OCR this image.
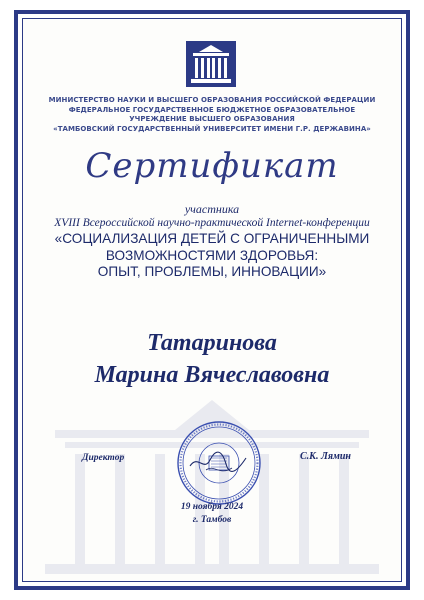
МИНИСТЕРСТВО НАУКИ И ВЫСШЕГО ОБРАЗОВАНИЯ РОССИЙСКОЙ ФЕДЕРАЦИИ
ФЕДЕРАЛЬНОЕ ГОСУДАРСТВЕННОЕ БЮДЖЕТНОЕ ОБРАЗОВАТЕЛЬНОЕ
УЧРЕЖДЕНИЕ ВЫСШЕГО ОБРАЗОВАНИЯ
«ТАМБОВСКИЙ ГОСУДАРСТВЕННЫЙ УНИВЕРСИТЕТ ИМЕНИ Г.Р. ДЕРЖАВИНА»
Сертификат
участника
XVIII Всероссийской научно-практической Internet-конференции
«СОЦИАЛИЗАЦИЯ ДЕТЕЙ С ОГРАНИЧЕННЫМИ
ВОЗМОЖНОСТЯМИ ЗДОРОВЬЯ:
ОПЫТ, ПРОБЛЕМЫ, ИННОВАЦИИ»
Татаринова
Марина Вячеславовна
Директор	С.К. Лямин
19 ноября 2024
г. Тамбов
